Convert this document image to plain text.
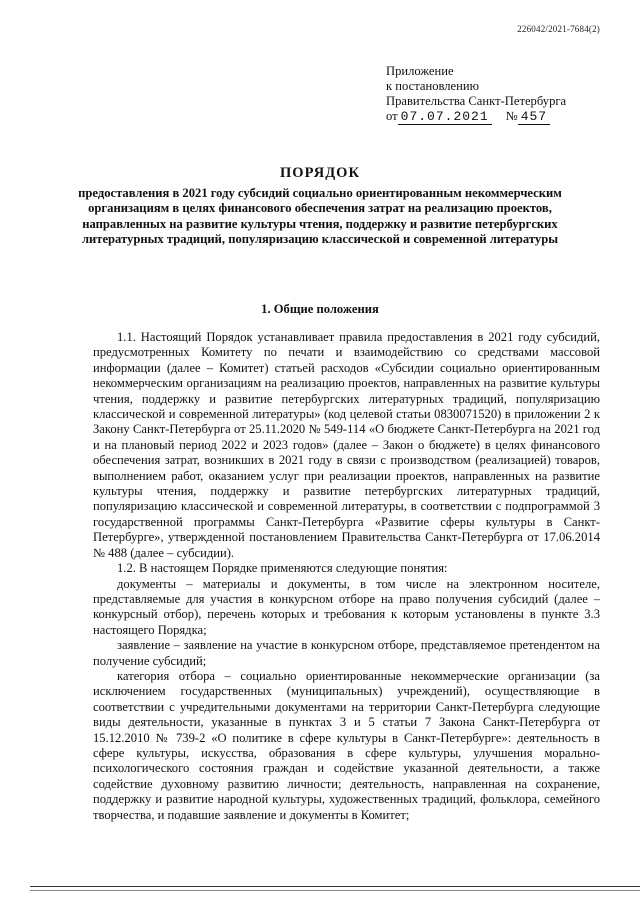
226042/2021-7684(2)
Приложение
к постановлению
Правительства Санкт-Петербурга
от 07.07.2021 № 457
ПОРЯДОК
предоставления в 2021 году субсидий социально ориентированным некоммерческим организациям в целях финансового обеспечения затрат на реализацию проектов, направленных на развитие культуры чтения, поддержку и развитие петербургских литературных традиций, популяризацию классической и современной литературы
1. Общие положения

1.1. Настоящий Порядок устанавливает правила предоставления в 2021 году субсидий, предусмотренных Комитету по печати и взаимодействию со средствами массовой информации (далее – Комитет) статьей расходов «Субсидии социально ориентированным некоммерческим организациям на реализацию проектов, направленных на развитие культуры чтения, поддержку и развитие петербургских литературных традиций, популяризацию классической и современной литературы» (код целевой статьи 0830071520) в приложении 2 к Закону Санкт-Петербурга от 25.11.2020 № 549-114 «О бюджете Санкт-Петербурга на 2021 год и на плановый период 2022 и 2023 годов» (далее – Закон о бюджете) в целях финансового обеспечения затрат, возникших в 2021 году в связи с производством (реализацией) товаров, выполнением работ, оказанием услуг при реализации проектов, направленных на развитие культуры чтения, поддержку и развитие петербургских литературных традиций, популяризацию классической и современной литературы, в соответствии с подпрограммой 3 государственной программы Санкт-Петербурга «Развитие сферы культуры в Санкт-Петербурге», утвержденной постановлением Правительства Санкт-Петербурга от 17.06.2014 № 488 (далее – субсидии).

1.2. В настоящем Порядке применяются следующие понятия:

документы – материалы и документы, в том числе на электронном носителе, представляемые для участия в конкурсном отборе на право получения субсидий (далее – конкурсный отбор), перечень которых и требования к которым установлены в пункте 3.3 настоящего Порядка;

заявление – заявление на участие в конкурсном отборе, представляемое претендентом на получение субсидий;

категория отбора – социально ориентированные некоммерческие организации (за исключением государственных (муниципальных) учреждений), осуществляющие в соответствии с учредительными документами на территории Санкт-Петербурга следующие виды деятельности, указанные в пунктах 3 и 5 статьи 7 Закона Санкт-Петербурга от 15.12.2010 № 739-2 «О политике в сфере культуры в Санкт-Петербурге»: деятельность в сфере культуры, искусства, образования в сфере культуры, улучшения морально-психологического состояния граждан и содействие указанной деятельности, а также содействие духовному развитию личности; деятельность, направленная на сохранение, поддержку и развитие народной культуры, художественных традиций, фольклора, семейного творчества, и подавшие заявление и документы в Комитет;
